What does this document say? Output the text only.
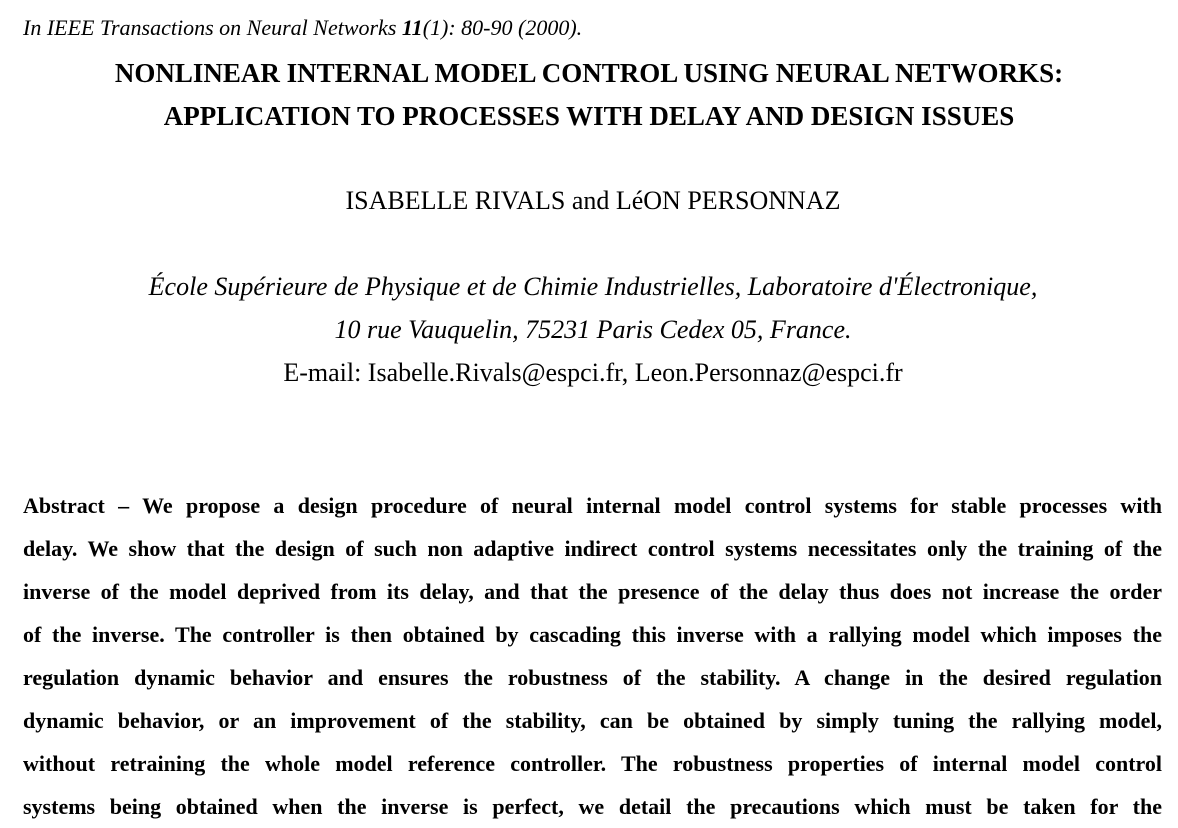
In IEEE Transactions on Neural Networks 11(1): 80-90 (2000).
NONLINEAR INTERNAL MODEL CONTROL USING NEURAL NETWORKS:
APPLICATION TO PROCESSES WITH DELAY AND DESIGN ISSUES
ISABELLE RIVALS and LéON PERSONNAZ
École Supérieure de Physique et de Chimie Industrielles, Laboratoire d'Électronique,
10 rue Vauquelin, 75231 Paris Cedex 05, France.
E-mail: Isabelle.Rivals@espci.fr, Leon.Personnaz@espci.fr
Abstract – We propose a design procedure of neural internal model control systems for stable processes with
delay. We show that the design of such non adaptive indirect control systems necessitates only the training of the
inverse of the model deprived from its delay, and that the presence of the delay thus does not increase the order
of the inverse. The controller is then obtained by cascading this inverse with a rallying model which imposes the
regulation dynamic behavior and ensures the robustness of the stability. A change in the desired regulation
dynamic behavior, or an improvement of the stability, can be obtained by simply tuning the rallying model,
without retraining the whole model reference controller. The robustness properties of internal model control
systems being obtained when the inverse is perfect, we detail the precautions which must be taken for the
